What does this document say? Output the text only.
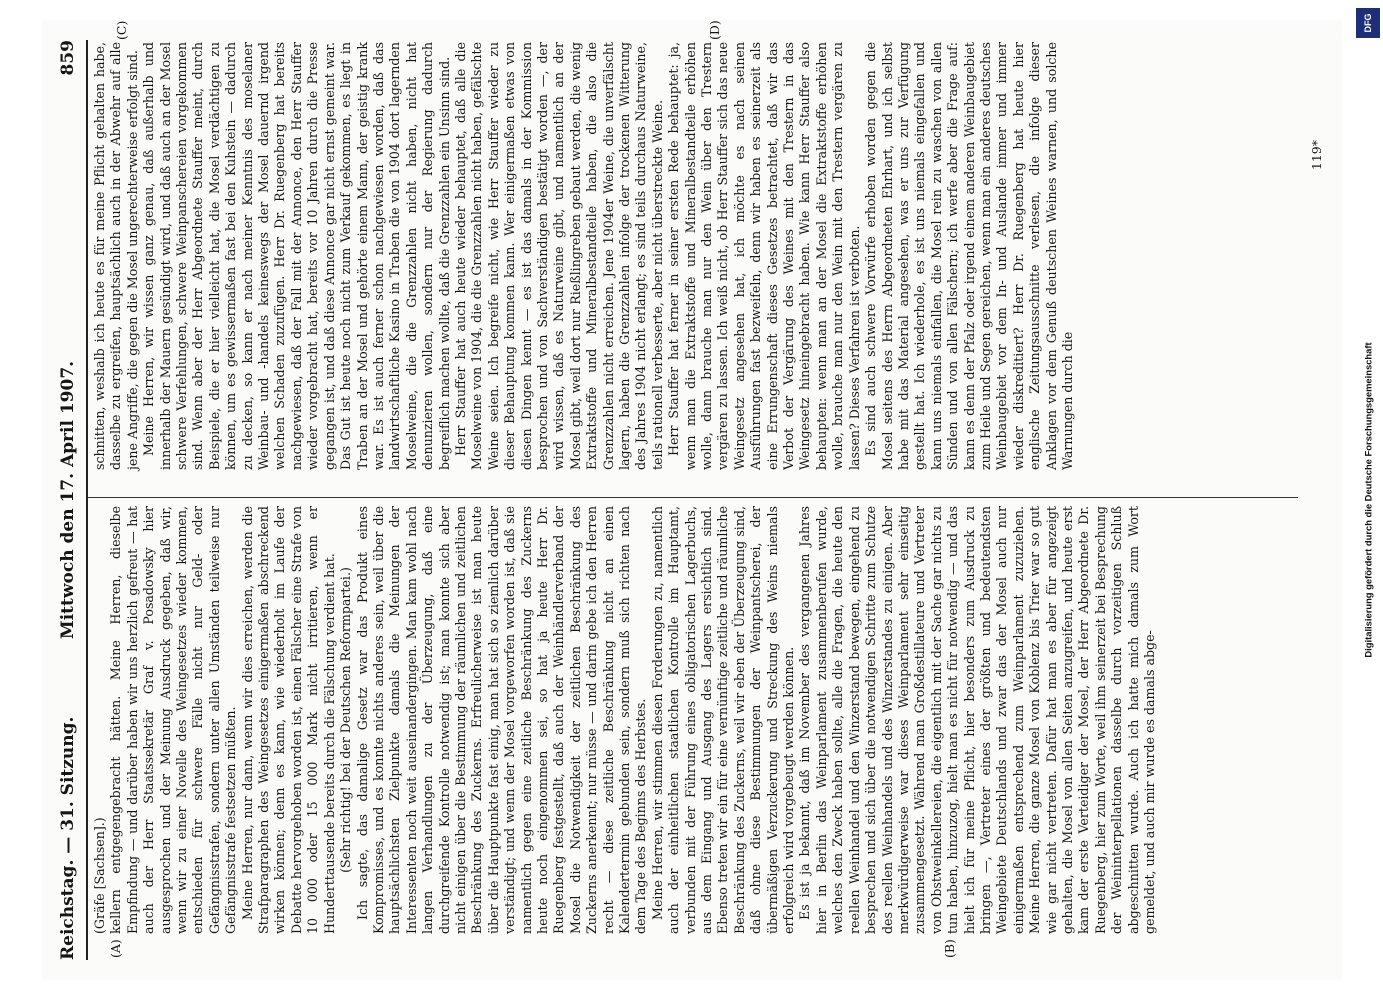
Reichstag. — 31. Sitzung.
Mittwoch den 17. April 1907.
859
(A)	(B)
(C)	(D)
(Gräfe [Sachsen].) kellern entgegengebracht hätten. Meine Herren, dieselbe Empfindung — und darüber haben wir uns herzlich gefreut — hat auch der Herr Staatssekretär Graf v. Posadowsky hier ausgesprochen und der Meinung Ausdruck gegeben, daß wir, wenn wir zu einer Novelle des Weingesetzes wieder kommen, entschieden für schwere Fälle nicht nur Geld- oder Gefängnisstrafen, sondern unter allen Umständen teilweise nur Gefängnisstrafe festsetzen müßten. Meine Herren, nur dann, wenn wir dies erreichen, werden die Strafparagraphen des Weingesetzes einigermaßen abschreckend wirken können; denn es kann, wie wiederholt im Laufe der Debatte hervorgehoben worden ist, einen Fälscher eine Strafe von 10 000 oder 15 000 Mark nicht irritieren, wenn er Hunderttausende bereits durch die Fälschung verdient hat. (Sehr richtig! bei der Deutschen Reformpartei.) Ich sagte, das damalige Gesetz war das Produkt eines Kompromisses, und es konnte nichts anderes sein, weil über die hauptsächlichsten Zielpunkte damals die Meinungen der Interessenten noch weit auseinandergingen. Man kam wohl nach langen Verhandlungen zu der Überzeugung, daß eine durchgreifende Kontrolle notwendig ist; man konnte sich aber nicht einigen über die Bestimmung der räumlichen und zeitlichen Beschränkung des Zuckerns. Erfreulicherweise ist man heute über die Hauptpunkte fast einig, man hat sich so ziemlich darüber verständigt; und wenn der Mosel vorgeworfen worden ist, daß sie namentlich gegen eine zeitliche Beschränkung des Zuckerns heute noch eingenommen sei, so hat ja heute Herr Dr. Ruegenberg festgestellt, daß auch der Weinhändlerverband der Mosel die Notwendigkeit der zeitlichen Beschränkung des Zuckerns anerkennt; nur müsse — und darin gebe ich den Herren recht — diese zeitliche Beschränkung nicht an einen Kalendertermin gebunden sein, sondern muß sich richten nach dem Tage des Beginns des Herbstes. Meine Herren, wir stimmen diesen Forderungen zu, namentlich auch der einheitlichen staatlichen Kontrolle im Hauptamt, verbunden mit der Führung eines obligatorischen Lagerbuchs, aus dem Eingang und Ausgang des Lagers ersichtlich sind. Ebenso treten wir ein für eine vernünftige zeitliche und räumliche Beschränkung des Zuckerns, weil wir eben der Überzeugung sind, daß ohne diese Bestimmungen der Weinpantscherei, der übermäßigen Verzuckerung und Streckung des Weins niemals erfolgreich wird vorgebeugt werden können. Es ist ja bekannt, daß im November des vergangenen Jahres hier in Berlin das Weinparlament zusammenberufen wurde, welches den Zweck haben sollte, alle die Fragen, die heute den reellen Weinhandel und den Winzerstand bewegen, eingehend zu besprechen und sich über die notwendigen Schritte zum Schutze des reellen Weinhandels und des Winzerstandes zu einigen. Aber merkwürdigerweise war dieses Weinparlament sehr einseitig zusammengesetzt. Während man Großdestillateure und Vertreter von Obstweinkellereien, die eigentlich mit der Sache gar nichts zu tun haben, hinzuzog, hielt man es nicht für notwendig — und das hielt ich für meine Pflicht, hier besonders zum Ausdruck zu bringen —, Vertreter eines der größten und bedeutendsten Weingebiete Deutschlands und zwar das der Mosel auch nur einigermaßen entsprechend zum Weinparlament zuzuziehen. Meine Herren, die ganze Mosel von Koblenz bis Trier war so gut wie gar nicht vertreten. Dafür hat man es aber für angezeigt gehalten, die Mosel von allen Seiten anzugreifen, und heute erst kam der erste Verteidiger der Mosel, der Herr Abgeordnete Dr. Ruegenberg, hier zum Worte, weil ihm seinerzeit bei Besprechung der Weininterpellationen dasselbe durch vorzeitigen Schluß abgeschnitten wurde. Auch ich hatte mich damals zum Wort gemeldet, und auch mir wurde es damals abge-

schnitten, weshalb ich heute es für meine Pflicht gehalten habe, dasselbe zu ergreifen, hauptsächlich auch in der Abwehr auf alle jene Angriffe, die gegen die Mosel ungerechterweise erfolgt sind. Meine Herren, wir wissen ganz genau, daß außerhalb und innerhalb der Mauern gesündigt wird, und daß auch an der Mosel schwere Verfehlungen, schwere Weinpanschereien vorgekommen sind. Wenn aber der Herr Abgeordnete Stauffer meint, durch Beispiele, die er hier vielleicht hat, die Mosel verdächtigen zu können, um es gewissermaßen fast bei den Kuhstein — dadurch zu decken, so kann er nach meiner Kenntnis des moselaner Weinbau- und -handels keineswegs der Mosel dauernd irgend welchen Schaden zuzufügen. Herr Dr. Ruegenberg hat bereits nachgewiesen, daß der Fall mit der Annonce, den Herr Stauffer wieder vorgebracht hat, bereits vor 10 Jahren durch die Presse gegangen ist, und daß diese Annonce gar nicht ernst gemeint war. Das Gut ist heute noch nicht zum Verkauf gekommen, es liegt in Traben an der Mosel und gehörte einem Mann, der geistig krank war. Es ist auch ferner schon nachgewiesen worden, daß das landwirtschaftliche Kasino in Traben die von 1904 dort lagernden Moselweine, die die Grenzzahlen nicht haben, nicht hat denunzieren wollen, sondern nur der Regierung dadurch begreiflich machen wollte, daß die Grenzzahlen ein Unsinn sind. Herr Stauffer hat auch heute wieder behauptet, daß alle die Moselweine von 1904, die die Grenzzahlen nicht haben, gefälschte Weine seien. Ich begreife nicht, wie Herr Stauffer wieder zu dieser Behauptung kommen kann. Wer einigermaßen etwas von diesen Dingen kennt — es ist das damals in der Kommission besprochen und von Sachverständigen bestätigt worden —, der wird wissen, daß es Naturweine gibt, und namentlich an der Mosel gibt, weil dort nur Rießlingreben gebaut werden, die wenig Extraktstoffe und Mineralbestandteile haben, die also die Grenzzahlen nicht erreichen. Jene 1904er Weine, die unverfälscht lagern, haben die Grenzzahlen infolge der trockenen Witterung des Jahres 1904 nicht erlangt; es sind teils durchaus Naturweine, teils rationell verbesserte, aber nicht überstreckte Weine. Herr Stauffer hat ferner in seiner ersten Rede behauptet: ja, wenn man die Extraktstoffe und Mineralbestandteile erhöhen wolle, dann brauche man nur den Wein über den Trestern vergären zu lassen. Ich weiß nicht, ob Herr Stauffer sich das neue Weingesetz angesehen hat, ich möchte es nach seinen Ausführungen fast bezweifeln, denn wir haben es seinerzeit als eine Errungenschaft dieses Gesetzes betrachtet, daß wir das Verbot der Vergärung des Weines mit den Trestern in das Weingesetz hineingebracht haben. Wie kann Herr Stauffer also behaupten: wenn man an der Mosel die Extraktstoffe erhöhen wolle, brauche man nur den Wein mit den Trestern vergären zu lassen? Dieses Verfahren ist verboten. Es sind auch schwere Vorwürfe erhoben worden gegen die Mosel seitens des Herrn Abgeordneten Ehrhart, und ich selbst habe mit das Material angesehen, was er uns zur Verfügung gestellt hat. Ich wiederhole, es ist uns niemals eingefallen und kann uns niemals einfallen, die Mosel rein zu waschen von allen Sünden und von allen Fälschern; ich werfe aber die Frage auf: kann es denn der Pfalz oder irgend einem anderen Weinbaugebiet zum Heile und Segen gereichen, wenn man ein anderes deutsches Weinbaugebiet vor dem In- und Auslande immer und immer wieder diskreditiert? Herr Dr. Ruegenberg hat heute hier englische Zeitungsausschnitte verlesen, die infolge dieser Anklagen vor dem Genuß deutschen Weines warnen, und solche Warnungen durch die

119*
DFG
Digitalisierung gefördert durch die Deutsche Forschungsgemeinschaft
